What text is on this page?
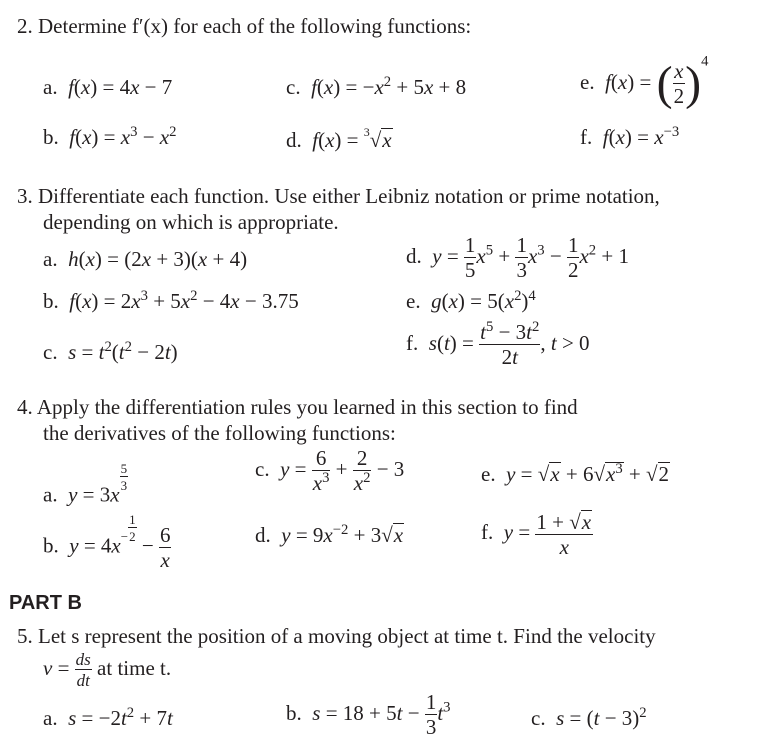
2. Determine f′(x) for each of the following functions:
a. f(x) = 4x − 7
b. $f(x) = x^3 - x^2$
c. $f(x) = -x^2 + 5x + 8$
d. f(x) = $^3$√x
e. f(x) = ( $\frac{x}{2} )^4$
f. $f(x) = x^{-3}$
3. Differentiate each function. Use either Leibniz notation or prime notation,
depending on which is appropriate.
a. h(x) = (2x + 3)(x + 4)
b. $f(x) = 2x^3 + 5x^2 - 4x - 3.75$
c. $s = t^2(t^2 - 2t)$
d. $y = \frac{1}{5} x^5 + \frac{1}{3} x^3 - \frac{1}{2} x^2 + 1$
e. $g(x) = 5(x^2)^4$
f. $s(t) = \frac{t^5 - 3t^2}{2t}$ , t > 0
4. Apply the differentiation rules you learned in this section to find
the derivatives of the following functions:
a. y = 3x
$\frac{5}{3}$
b. $y = 4x^- \frac{1}{2}$
− $\frac{6}{x}$
c. $y = \frac{6}{x^3} + \frac{2}{x^2} - 3$
d. $y = 9x^{-2} + 3√x$
e. $y = √x + 6√x^3 + √2$
f. $y = \frac{1 + √x}{x}$
PART B
5. Let s represent the position of a moving object at time t. Find the velocity
$v = \frac{ds}{dt}$ at time t.
a. $s = -2t^2 + 7t$	b. $s = 18 + 5t - \frac{1}{3} t^3$	c. $s = (t - 3)^2$
